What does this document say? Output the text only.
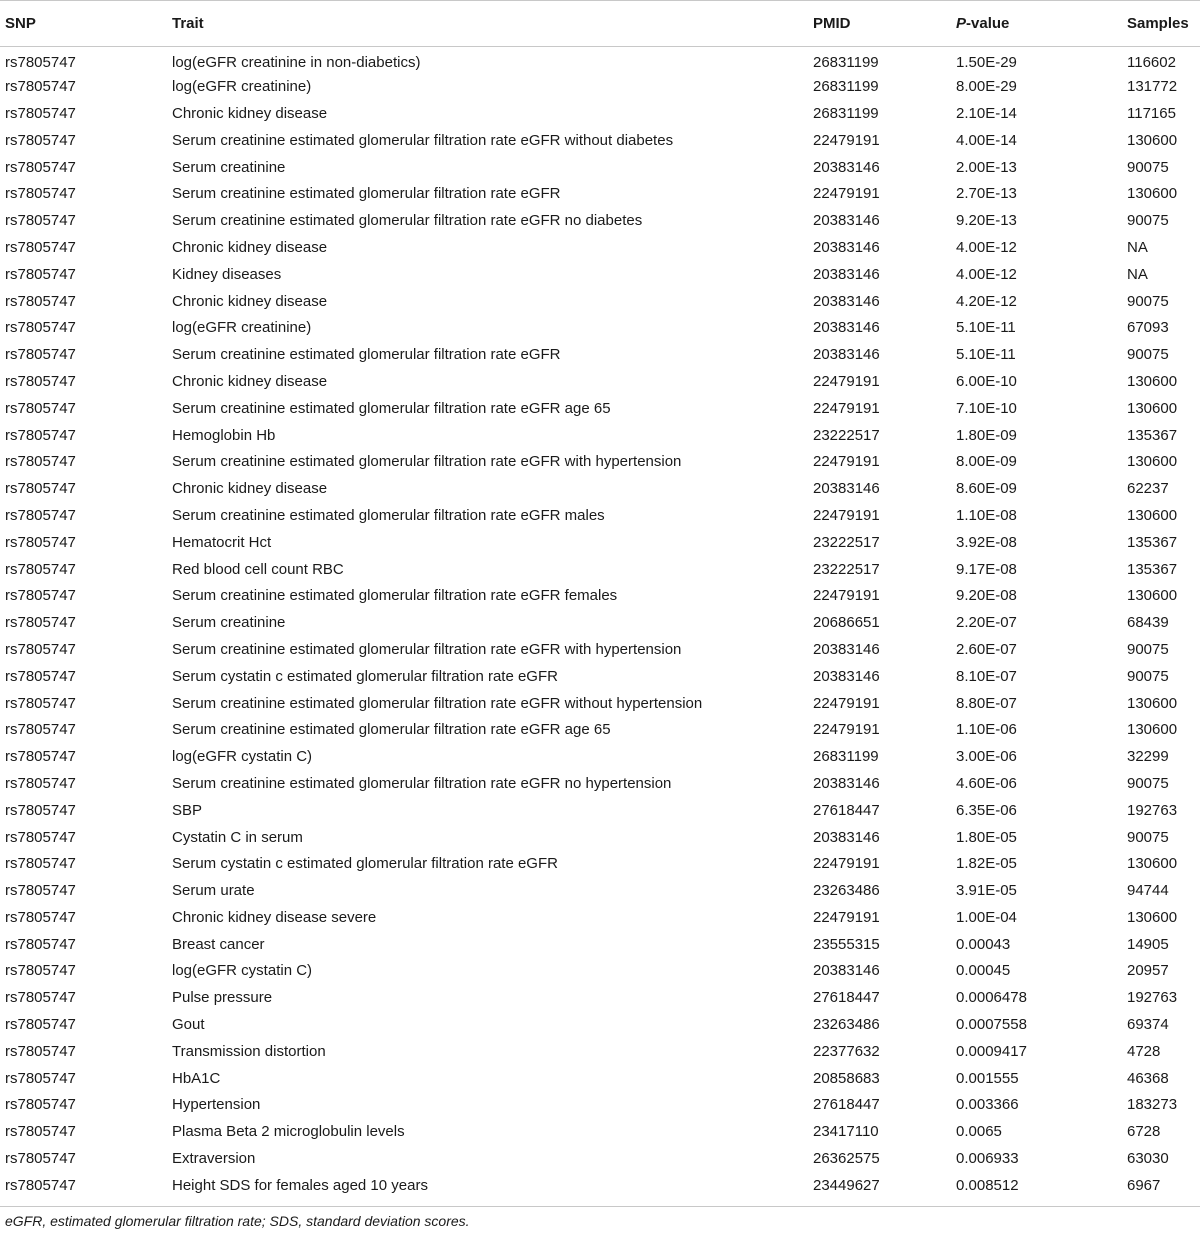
SNP	Trait	PMID	P-value	Samples
rs7805747	log(eGFR creatinine in non-diabetics)	26831199	1.50E-29	116602
rs7805747	log(eGFR creatinine)	26831199	8.00E-29	131772
rs7805747	Chronic kidney disease	26831199	2.10E-14	117165
rs7805747	Serum creatinine estimated glomerular filtration rate eGFR without diabetes	22479191	4.00E-14	130600
rs7805747	Serum creatinine	20383146	2.00E-13	90075
rs7805747	Serum creatinine estimated glomerular filtration rate eGFR	22479191	2.70E-13	130600
rs7805747	Serum creatinine estimated glomerular filtration rate eGFR no diabetes	20383146	9.20E-13	90075
rs7805747	Chronic kidney disease	20383146	4.00E-12	NA
rs7805747	Kidney diseases	20383146	4.00E-12	NA
rs7805747	Chronic kidney disease	20383146	4.20E-12	90075
rs7805747	log(eGFR creatinine)	20383146	5.10E-11	67093
rs7805747	Serum creatinine estimated glomerular filtration rate eGFR	20383146	5.10E-11	90075
rs7805747	Chronic kidney disease	22479191	6.00E-10	130600
rs7805747	Serum creatinine estimated glomerular filtration rate eGFR age 65	22479191	7.10E-10	130600
rs7805747	Hemoglobin Hb	23222517	1.80E-09	135367
rs7805747	Serum creatinine estimated glomerular filtration rate eGFR with hypertension	22479191	8.00E-09	130600
rs7805747	Chronic kidney disease	20383146	8.60E-09	62237
rs7805747	Serum creatinine estimated glomerular filtration rate eGFR males	22479191	1.10E-08	130600
rs7805747	Hematocrit Hct	23222517	3.92E-08	135367
rs7805747	Red blood cell count RBC	23222517	9.17E-08	135367
rs7805747	Serum creatinine estimated glomerular filtration rate eGFR females	22479191	9.20E-08	130600
rs7805747	Serum creatinine	20686651	2.20E-07	68439
rs7805747	Serum creatinine estimated glomerular filtration rate eGFR with hypertension	20383146	2.60E-07	90075
rs7805747	Serum cystatin c estimated glomerular filtration rate eGFR	20383146	8.10E-07	90075
rs7805747	Serum creatinine estimated glomerular filtration rate eGFR without hypertension	22479191	8.80E-07	130600
rs7805747	Serum creatinine estimated glomerular filtration rate eGFR age 65	22479191	1.10E-06	130600
rs7805747	log(eGFR cystatin C)	26831199	3.00E-06	32299
rs7805747	Serum creatinine estimated glomerular filtration rate eGFR no hypertension	20383146	4.60E-06	90075
rs7805747	SBP	27618447	6.35E-06	192763
rs7805747	Cystatin C in serum	20383146	1.80E-05	90075
rs7805747	Serum cystatin c estimated glomerular filtration rate eGFR	22479191	1.82E-05	130600
rs7805747	Serum urate	23263486	3.91E-05	94744
rs7805747	Chronic kidney disease severe	22479191	1.00E-04	130600
rs7805747	Breast cancer	23555315	0.00043	14905
rs7805747	log(eGFR cystatin C)	20383146	0.00045	20957
rs7805747	Pulse pressure	27618447	0.0006478	192763
rs7805747	Gout	23263486	0.0007558	69374
rs7805747	Transmission distortion	22377632	0.0009417	4728
rs7805747	HbA1C	20858683	0.001555	46368
rs7805747	Hypertension	27618447	0.003366	183273
rs7805747	Plasma Beta 2 microglobulin levels	23417110	0.0065	6728
rs7805747	Extraversion	26362575	0.006933	63030
rs7805747	Height SDS for females aged 10 years	23449627	0.008512	6967
eGFR, estimated glomerular filtration rate; SDS, standard deviation scores.
